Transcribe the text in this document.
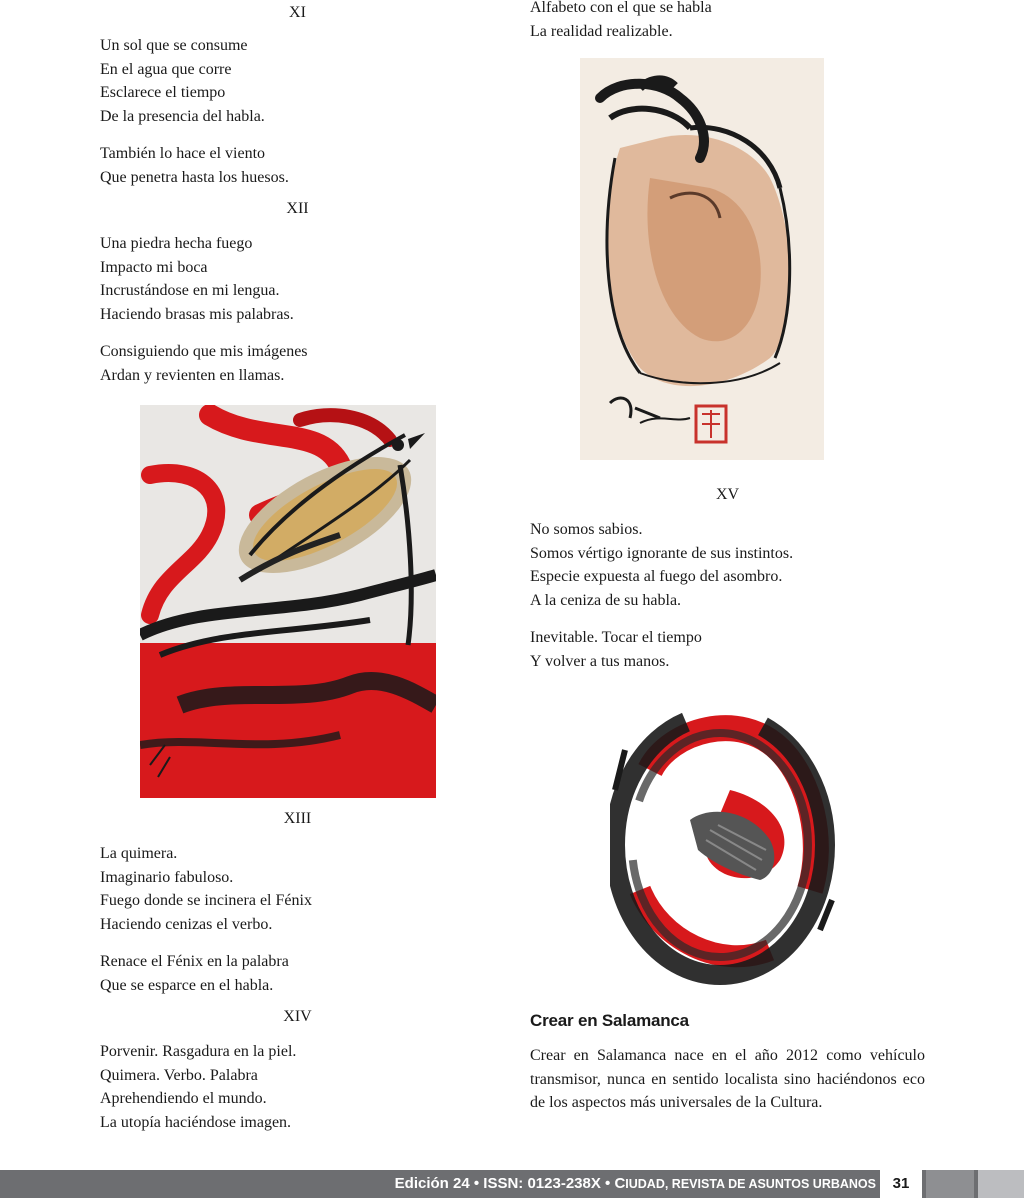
XI

Un sol que se consume
En el agua que corre
Esclarece el tiempo
De la presencia del habla.

También lo hace el viento
Que penetra hasta los huesos.

XII

Una piedra hecha fuego
Impacto mi boca
Incrustándose en mi lengua.
Haciendo brasas mis palabras.

Consiguiendo que mis imágenes
Ardan y revienten en llamas.

XIII

La quimera.
Imaginario fabuloso.
Fuego donde se incinera el Fénix
Haciendo cenizas el verbo.

Renace el Fénix en la palabra
Que se esparce en el habla.

XIV

Porvenir. Rasgadura en la piel.
Quimera. Verbo. Palabra
Aprehendiendo el mundo.
La utopía haciéndose imagen.

Alfabeto con el que se habla
La realidad realizable.

XV

No somos sabios.
Somos vértigo ignorante de sus instintos.
Especie expuesta al fuego del asombro.
A la ceniza de su habla.

Inevitable. Tocar el tiempo
Y volver a tus manos.

Crear en Salamanca

Crear en Salamanca nace en el año 2012 como vehículo transmisor, nunca en sentido localista sino haciéndonos eco de los aspectos más universales de la Cultura.

Edición 24 • ISSN: 0123-238X • CIUDAD, REVISTA DE ASUNTOS URBANOS	31
